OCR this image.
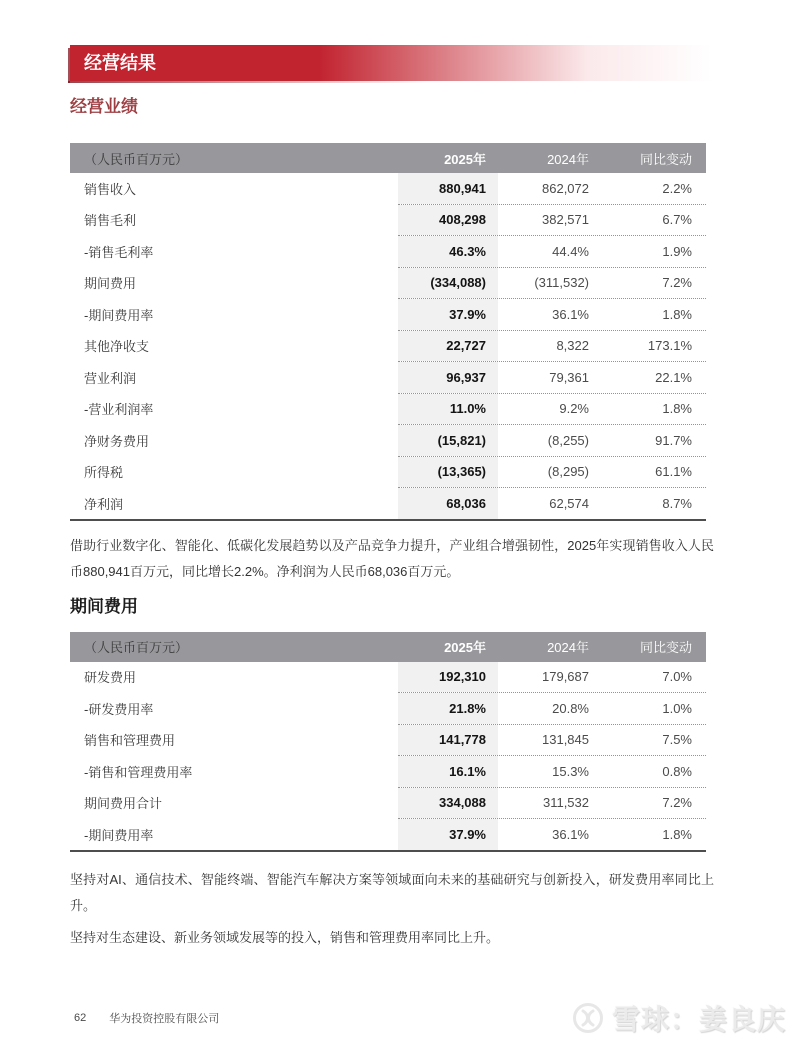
经营结果
经营业绩
（人民币百万元）	2025年	2024年	同比变动
销售收入	880,941	862,072	2.2%
销售毛利	408,298	382,571	6.7%
-销售毛利率	46.3%	44.4%	1.9%
期间费用	(334,088)	(311,532)	7.2%
-期间费用率	37.9%	36.1%	1.8%
其他净收支	22,727	8,322	173.1%
营业利润	96,937	79,361	22.1%
-营业利润率	11.0%	9.2%	1.8%
净财务费用	(15,821)	(8,255)	91.7%
所得税	(13,365)	(8,295)	61.1%
净利润	68,036	62,574	8.7%

借助行业数字化、智能化、低碳化发展趋势以及产品竞争力提升，产业组合增强韧性，2025年实现销售收入人民币880,941百万元，同比增长2.2%。净利润为人民币68,036百万元。

期间费用
（人民币百万元）	2025年	2024年	同比变动
研发费用	192,310	179,687	7.0%
-研发费用率	21.8%	20.8%	1.0%
销售和管理费用	141,778	131,845	7.5%
-销售和管理费用率	16.1%	15.3%	0.8%
期间费用合计	334,088	311,532	7.2%
-期间费用率	37.9%	36.1%	1.8%

坚持对AI、通信技术、智能终端、智能汽车解决方案等领域面向未来的基础研究与创新投入，研发费用率同比上升。

坚持对生态建设、新业务领域发展等的投入，销售和管理费用率同比上升。

62 华为投资控股有限公司	雪球：姜良庆
